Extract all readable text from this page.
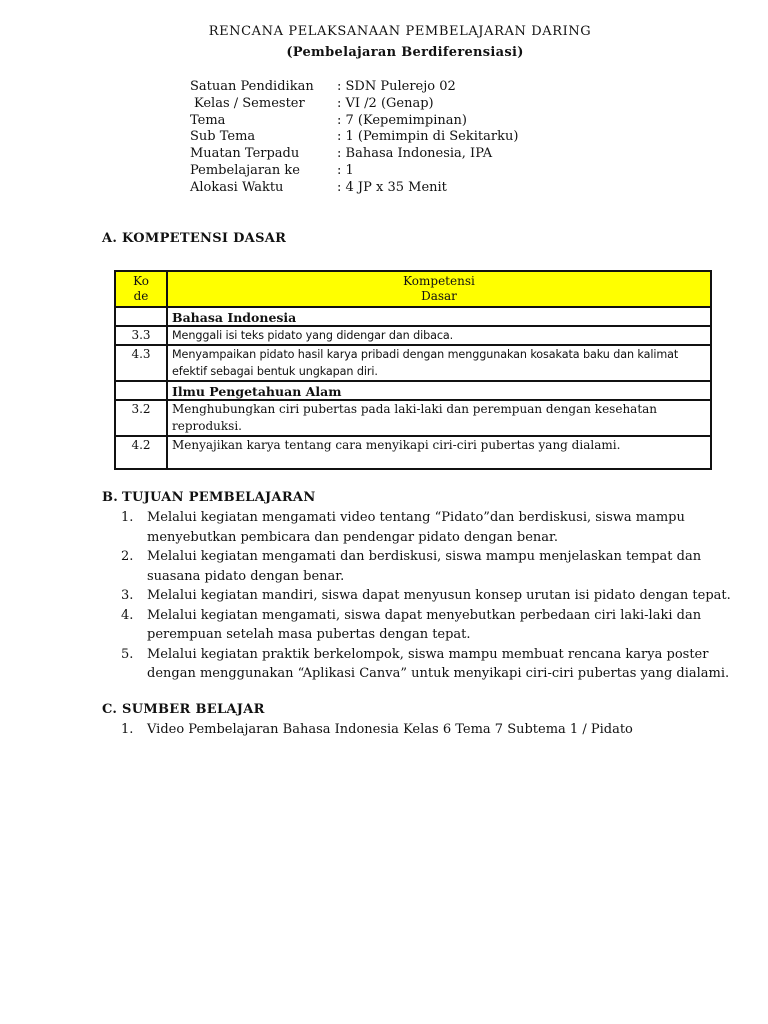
RENCANA PELAKSANAAN PEMBELAJARAN DARING
(Pembelajaran Berdiferensiasi)
Satuan Pendidikan : SDN Pulerejo 02
Kelas / Semester : VI /2 (Genap)
Tema	: 7 (Kepemimpinan)
Sub Tema	: 1 (Pemimpin di Sekitarku)
Muatan Terpadu	: Bahasa Indonesia, IPA
Pembelajaran ke	: 1
Alokasi Waktu	: 4 JP x 35 Menit
A. KOMPETENSI DASAR
Ko
de	Kompetensi
Dasar
	Bahasa Indonesia
3.3	Menggali isi teks pidato yang didengar dan dibaca.
4.3	Menyampaikan pidato hasil karya pribadi dengan menggunakan kosakata baku dan kalimat efektif sebagai bentuk ungkapan diri.
	Ilmu Pengetahuan Alam
3.2	Menghubungkan ciri pubertas pada laki-laki dan perempuan dengan kesehatan reproduksi.
4.2	Menyajikan karya tentang cara menyikapi ciri-ciri pubertas yang dialami.
B. TUJUAN PEMBELAJARAN
1. Melalui kegiatan mengamati video tentang “Pidato”dan berdiskusi, siswa mampu menyebutkan pembicara dan pendengar pidato dengan benar.
2. Melalui kegiatan mengamati dan berdiskusi, siswa mampu menjelaskan tempat dan suasana pidato dengan benar.
3. Melalui kegiatan mandiri, siswa dapat menyusun konsep urutan isi pidato dengan tepat.
4. Melalui kegiatan mengamati, siswa dapat menyebutkan perbedaan ciri laki-laki dan perempuan setelah masa pubertas dengan tepat.
5. Melalui kegiatan praktik berkelompok, siswa mampu membuat rencana karya poster dengan menggunakan “Aplikasi Canva” untuk menyikapi ciri-ciri pubertas yang dialami.
C. SUMBER BELAJAR
1. Video Pembelajaran Bahasa Indonesia Kelas 6 Tema 7 Subtema 1 / Pidato
